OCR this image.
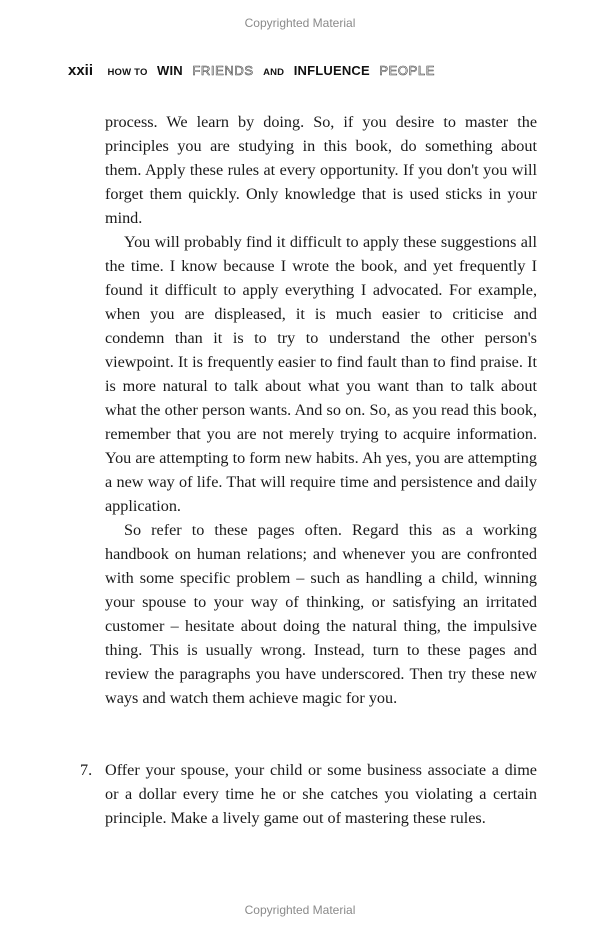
Copyrighted Material
xxii HOW TO WIN FRIENDS AND INFLUENCE PEOPLE

process. We learn by doing. So, if you desire to master the principles you are studying in this book, do something about them. Apply these rules at every opportunity. If you don't you will forget them quickly. Only knowledge that is used sticks in your mind.

You will probably find it difficult to apply these suggestions all the time. I know because I wrote the book, and yet frequently I found it difficult to apply everything I advocated. For example, when you are displeased, it is much easier to criticise and condemn than it is to try to understand the other person's viewpoint. It is frequently easier to find fault than to find praise. It is more natural to talk about what you want than to talk about what the other person wants. And so on. So, as you read this book, remember that you are not merely trying to acquire information. You are attempting to form new habits. Ah yes, you are attempting a new way of life. That will require time and persistence and daily application.

So refer to these pages often. Regard this as a working handbook on human relations; and whenever you are confronted with some specific problem – such as handling a child, winning your spouse to your way of thinking, or satisfying an irritated customer – hesitate about doing the natural thing, the impulsive thing. This is usually wrong. Instead, turn to these pages and review the paragraphs you have underscored. Then try these new ways and watch them achieve magic for you.

7. Offer your spouse, your child or some business associate a dime or a dollar every time he or she catches you violating a certain principle. Make a lively game out of mastering these rules.

Copyrighted Material
